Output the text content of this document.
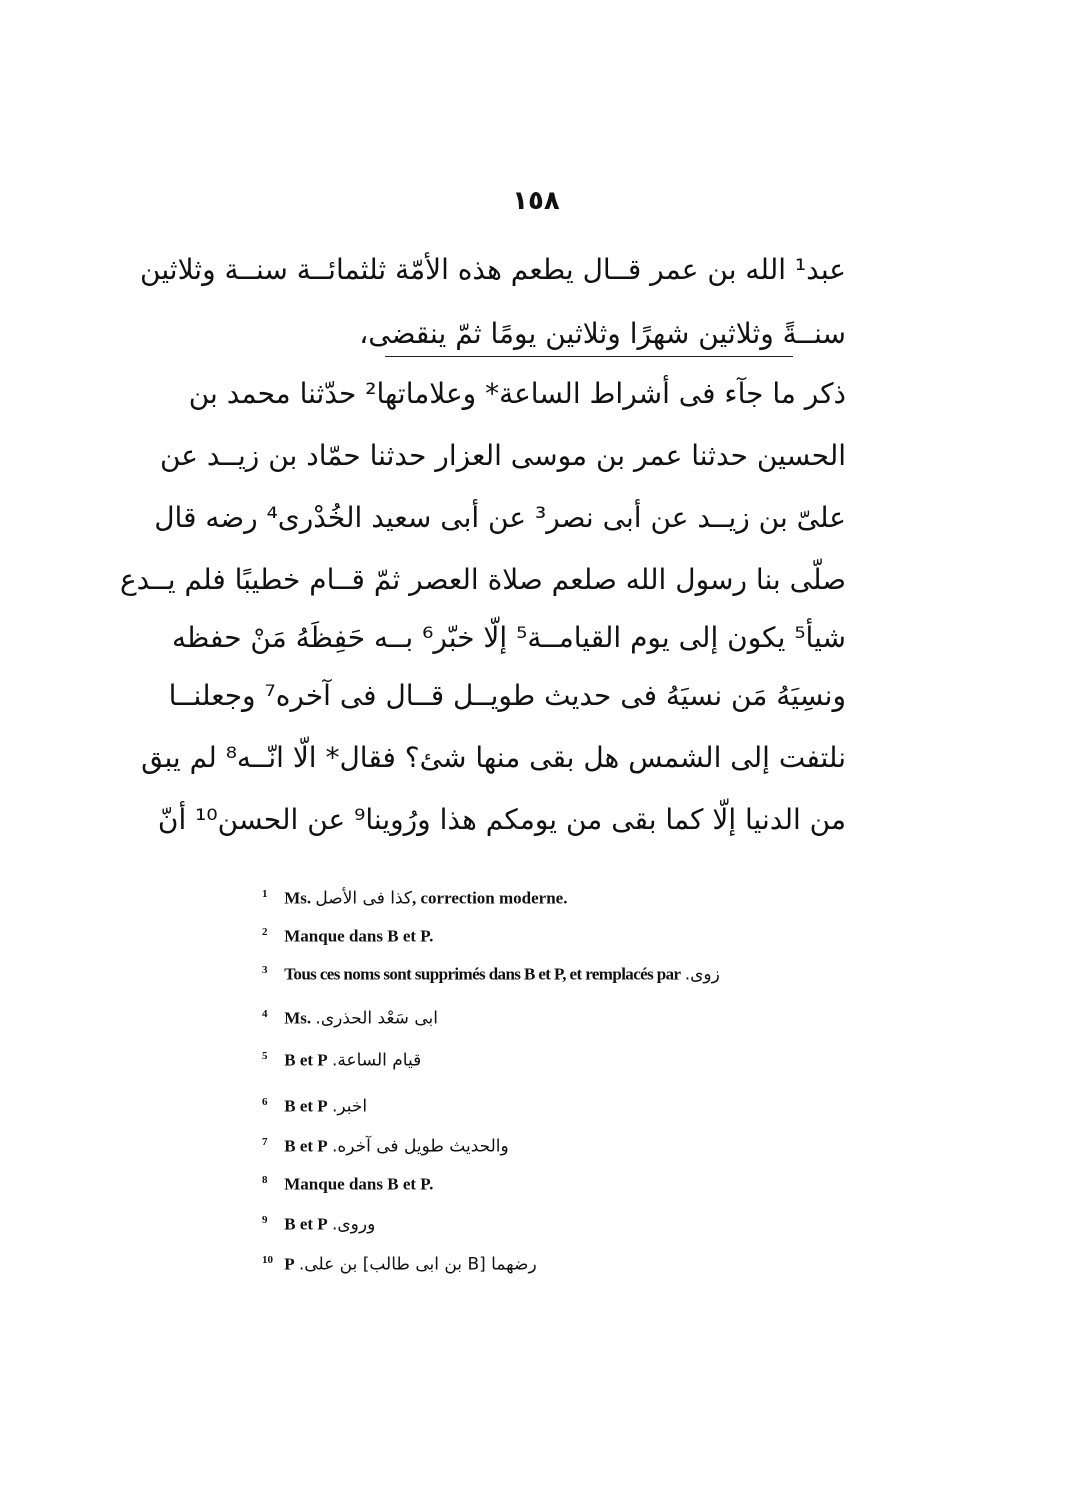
١٥٨
عبد¹ الله بن عمر قــال يطعم هذه الأمّة ثلثمائــة سنــة وثلاثين
سنــةً وثلاثين شهرًا وثلاثين يومًا ثمّ ينقضى،
ذكر ما جآء فى أشراط الساعة* وعلاماتها² حدّثنا محمد بن
الحسين حدثنا عمر بن موسى العزار حدثنا حمّاد بن زيــد عن
علىّ بن زيــد عن أبى نصر³ عن أبى سعيد الخُدْرى⁴ رضه قال
صلّى بنا رسول الله صلعم صلاة العصر ثمّ قــام خطيبًا فلم يــدع
شيأ⁵ يكون إلى يوم القيامــة⁵ إلّا خبّر⁶ بــه حَفِظَهُ مَنْ حفظه
ونسِيَهُ مَن نسيَهُ فى حديث طويــل قــال فى آخره⁷ وجعلنــا
نلتفت إلى الشمس هل بقى منها شئ؟ فقال* الّا انّــه⁸ لم يبق
من الدنيا إلّا كما بقى من يومكم هذا ورُوينا⁹ عن الحسن¹⁰ أنّ
1 Ms. كذا فى الأصل, correction moderne.
2 Manque dans B et P.
3 Tous ces noms sont supprimés dans B et P, et remplacés par زوى.
4 Ms. ابى سَعْد الحذرى.
5 B et P قيام الساعة.
6 B et P اخبر.
7 B et P والحديث طويل فى آخره.
8 Manque dans B et P.
9 B et P وروى.
10 P رضهما [B بن ابى طالب] بن على.
